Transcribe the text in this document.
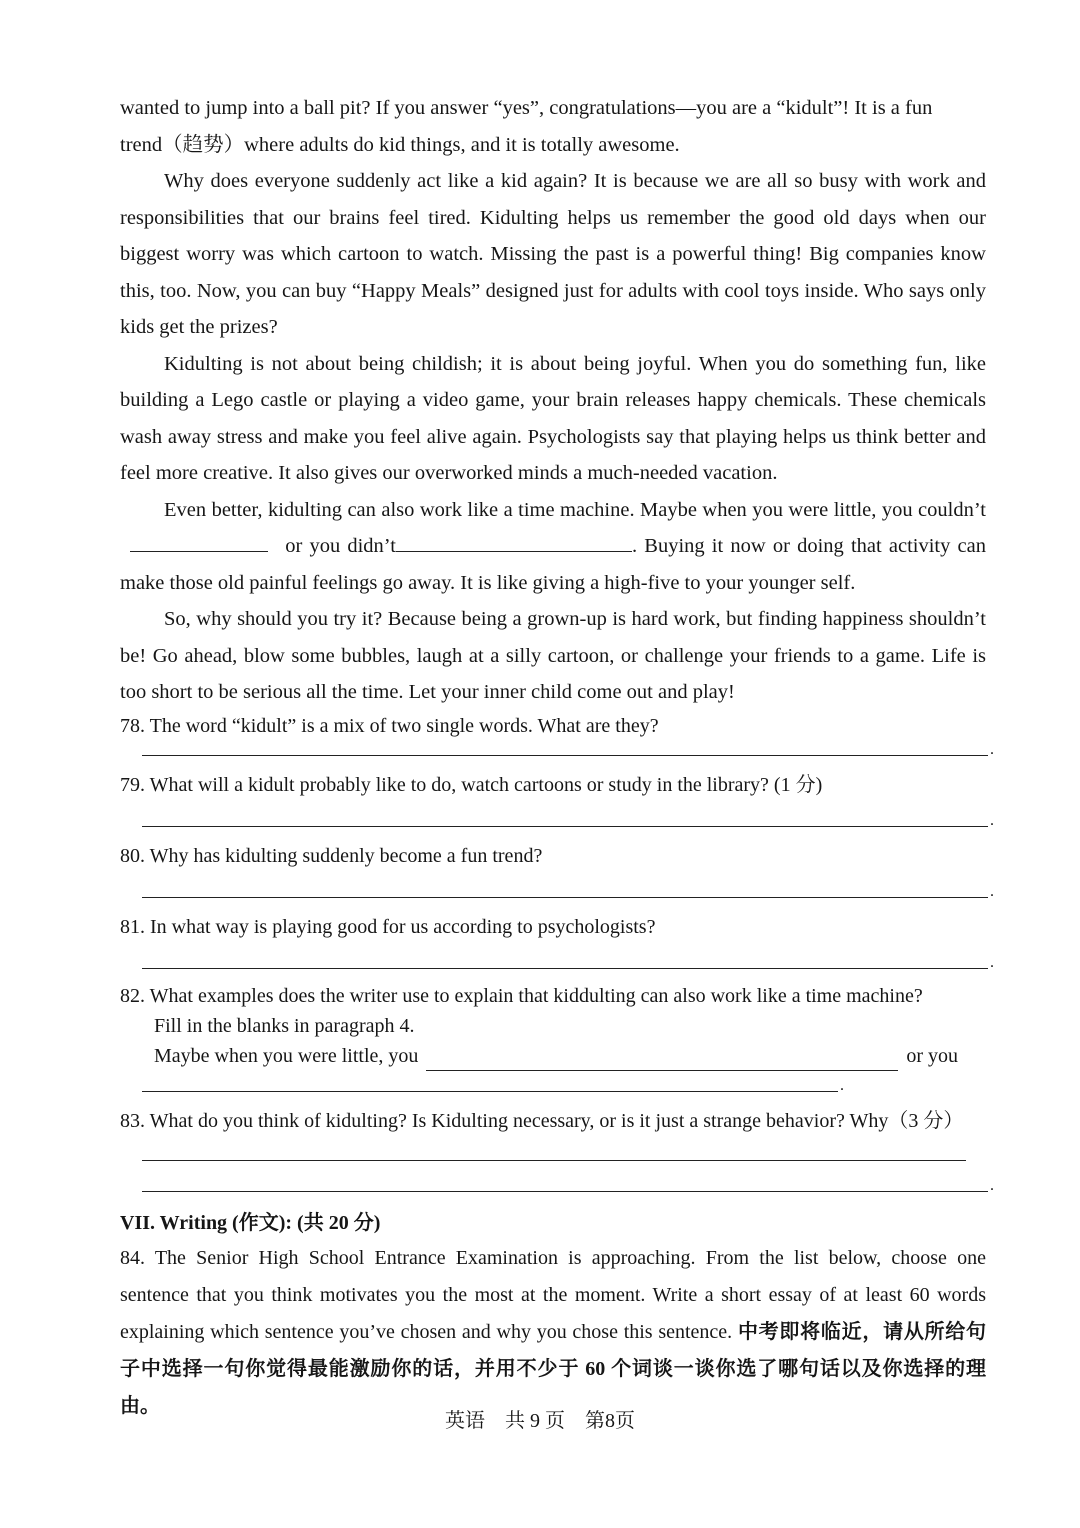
wanted to jump into a ball pit? If you answer “yes”, congratulations—you are a “kidult”! It is a fun

trend（趋势）where adults do kid things, and it is totally awesome.

Why does everyone suddenly act like a kid again? It is because we are all so busy with work and responsibilities that our brains feel tired. Kidulting helps us remember the good old days when our biggest worry was which cartoon to watch. Missing the past is a powerful thing! Big companies know this, too. Now, you can buy “Happy Meals” designed just for adults with cool toys inside. Who says only kids get the prizes?

Kidulting is not about being childish; it is about being joyful. When you do something fun, like building a Lego castle or playing a video game, your brain releases happy chemicals. These chemicals wash away stress and make you feel alive again. Psychologists say that playing helps us think better and feel more creative. It also gives our overworked minds a much-needed vacation.

Even better, kidulting can also work like a time machine. Maybe when you were little, you couldn’t  or you didn’t	. Buying it now or doing that activity can make those old painful feelings go away. It is like giving a high-five to your younger self.

So, why should you try it? Because being a grown-up is hard work, but finding happiness shouldn’t be! Go ahead, blow some bubbles, laugh at a silly cartoon, or challenge your friends to a game. Life is too short to be serious all the time. Let your inner child come out and play!

78. The word “kidult” is a mix of two single words. What are they?

.

79. What will a kidult probably like to do, watch cartoons or study in the library? (1 分)

.

80. Why has kidulting suddenly become a fun trend?

.

81. In what way is playing good for us according to psychologists?

.

82. What examples does the writer use to explain that kiddulting can also work like a time machine?

Fill in the blanks in paragraph 4.

Maybe when you were little, you	or you

.

83. What do you think of kidulting? Is Kidulting necessary, or is it just a strange behavior? Why（3 分）

.

VII. Writing (作文): (共 20 分)

84. The Senior High School Entrance Examination is approaching. From the list below, choose one sentence that you think motivates you the most at the moment. Write a short essay of at least 60 words explaining which sentence you’ve chosen and why you chose this sentence. 中考即将临近，请从所给句子中选择一句你觉得最能激励你的话，并用不少于 60 个词谈一谈你选了哪句话以及你选择的理由。

英语　共 9 页　第8页
